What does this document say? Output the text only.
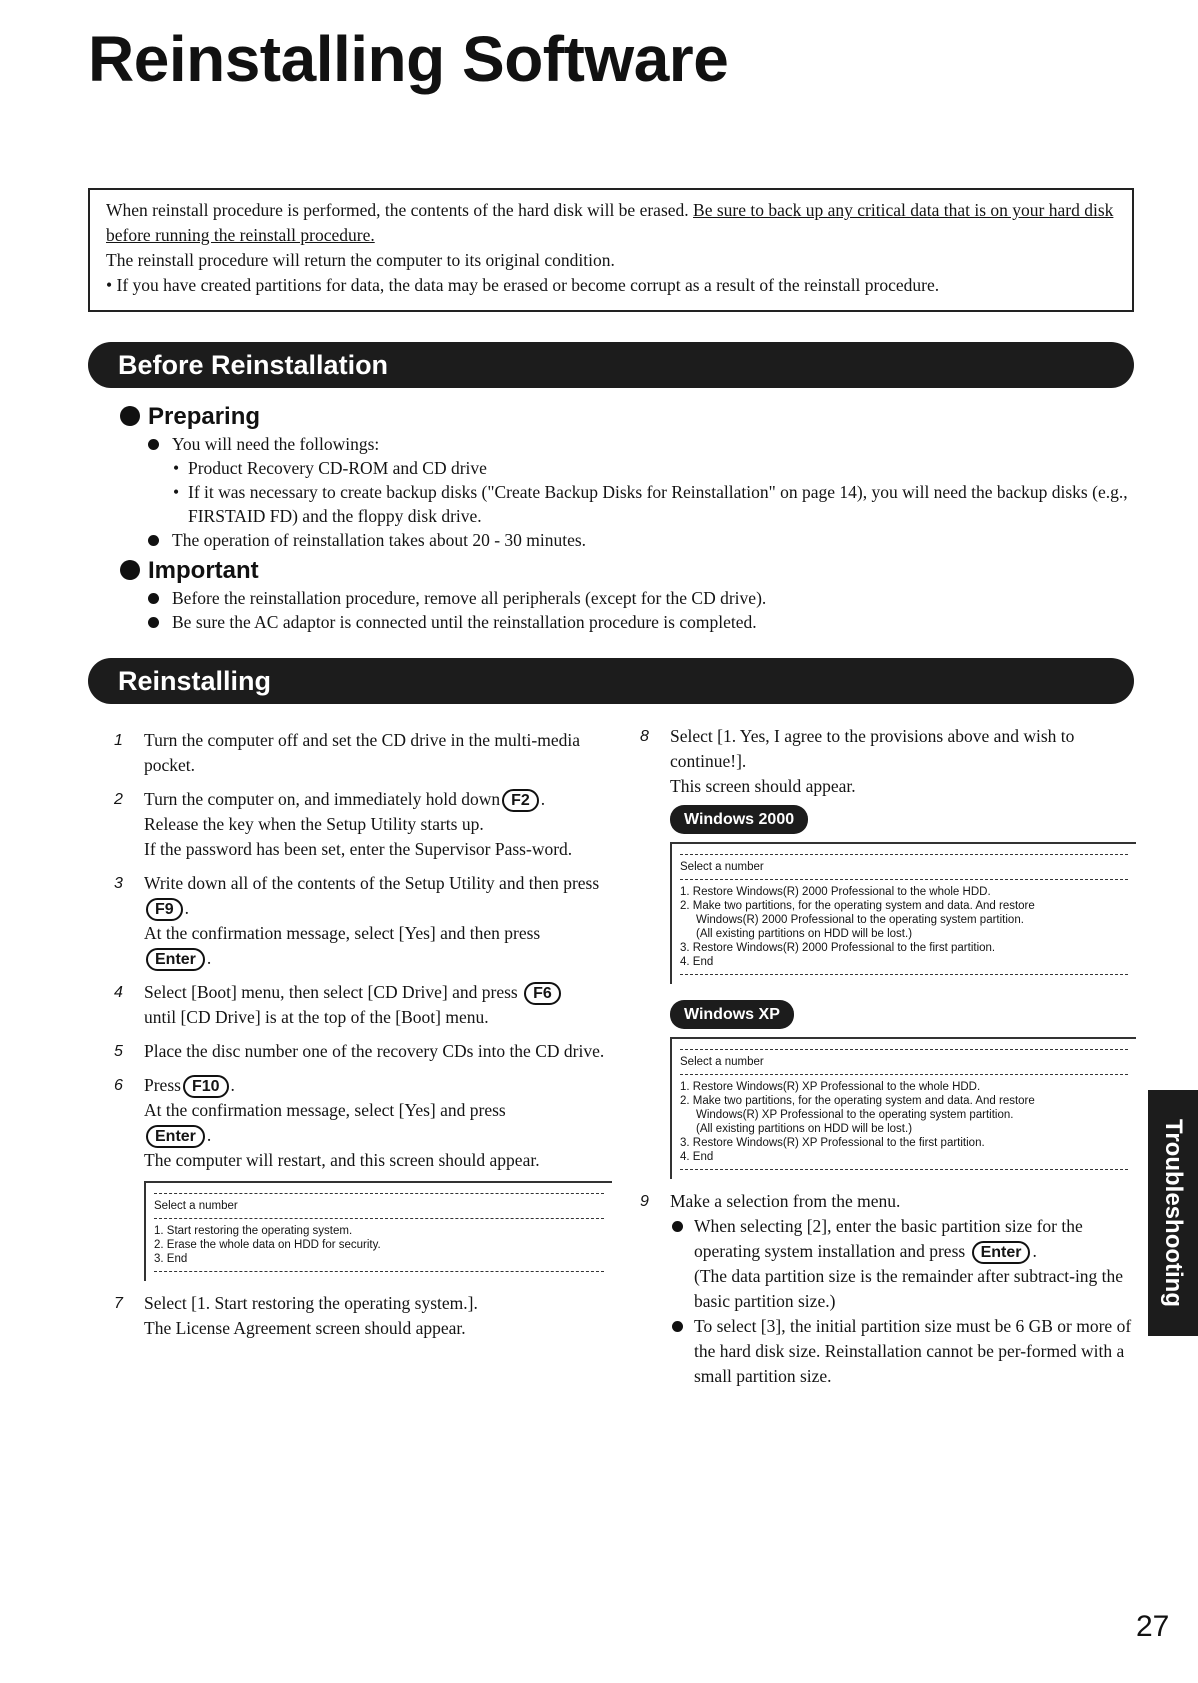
Reinstalling Software

When reinstall procedure is performed, the contents of the hard disk will be erased. Be sure to back up any critical data that is on your hard disk before running the reinstall procedure.

The reinstall procedure will return the computer to its original condition.

• If you have created partitions for data, the data may be erased or become corrupt as a result of the reinstall procedure.

Before Reinstallation
Preparing
You will need the followings:
• Product Recovery CD-ROM and CD drive
• If it was necessary to create backup disks ("Create Backup Disks for Reinstallation" on page 14), you will need the backup disks (e.g., FIRSTAID FD) and the floppy disk drive.
The operation of reinstallation takes about 20 - 30 minutes.
Important
Before the reinstallation procedure, remove all peripherals (except for the CD drive).
Be sure the AC adaptor is connected until the reinstallation procedure is completed.
Reinstalling
1 Turn the computer off and set the CD drive in the multi-media pocket.

2 Turn the computer on, and immediately hold down F2 .

Release the key when the Setup Utility starts up.

If the password has been set, enter the Supervisor Pass-word.

3 Write down all of the contents of the Setup Utility and then press F9 .

At the confirmation message, select [Yes] and then press

Enter .

4 Select [Boot] menu, then select [CD Drive] and press F6

until [CD Drive] is at the top of the [Boot] menu.

5 Place the disc number one of the recovery CDs into the CD drive.

6 Press F10 .

At the confirmation message, select [Yes] and press

Enter .

The computer will restart, and this screen should appear.

Select a number
1. Start restoring the operating system.
2. Erase the whole data on HDD for security.
3. End
7 Select [1. Start restoring the operating system.].

The License Agreement screen should appear.

8 Select [1. Yes, I agree to the provisions above and wish to continue!].

This screen should appear.

Windows 2000
Select a number
1. Restore Windows(R) 2000 Professional to the whole HDD.
2. Make two partitions, for the operating system and data. And restore
Windows(R) 2000 Professional to the operating system partition.
(All existing partitions on HDD will be lost.)
3. Restore Windows(R) 2000 Professional to the first partition.
4. End
Windows XP
Select a number
1. Restore Windows(R) XP Professional to the whole HDD.
2. Make two partitions, for the operating system and data. And restore
Windows(R) XP Professional to the operating system partition.
(All existing partitions on HDD will be lost.)
3. Restore Windows(R) XP Professional to the first partition.
4. End
9 Make a selection from the menu.

When selecting [2], enter the basic partition size for the operating system installation and press Enter .
(The data partition size is the remainder after subtract-ing the basic partition size.)
To select [3], the initial partition size must be 6 GB or more of the hard disk size. Reinstallation cannot be per-formed with a small partition size.
Troubleshooting
27
